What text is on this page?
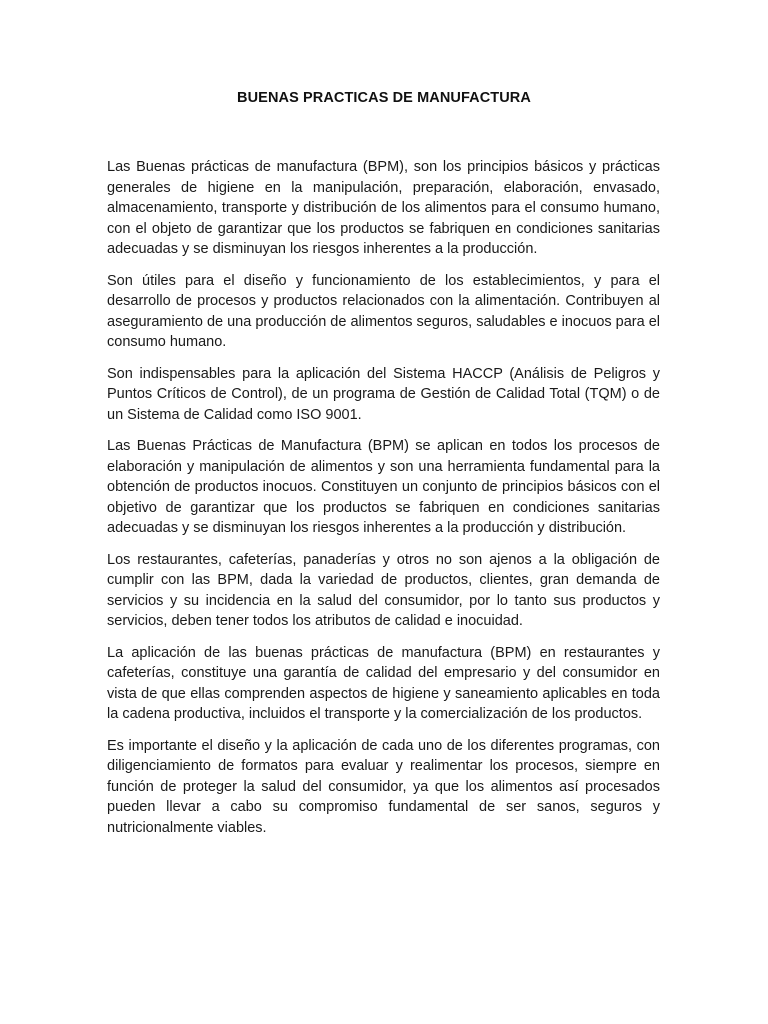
BUENAS PRACTICAS DE MANUFACTURA

Las Buenas prácticas de manufactura (BPM), son los principios básicos y prácticas generales de higiene en la manipulación, preparación, elaboración, envasado, almacenamiento, transporte y distribución de los alimentos para el consumo humano, con el objeto de garantizar que los productos se fabriquen en condiciones sanitarias adecuadas y se disminuyan los riesgos inherentes a la producción.

Son útiles para el diseño y funcionamiento de los establecimientos, y para el desarrollo de procesos y productos relacionados con la alimentación. Contribuyen al aseguramiento de una producción de alimentos seguros, saludables e inocuos para el consumo humano.

Son indispensables para la aplicación del Sistema HACCP (Análisis de Peligros y Puntos Críticos de Control), de un programa de Gestión de Calidad Total (TQM) o de un Sistema de Calidad como ISO 9001.

Las Buenas Prácticas de Manufactura (BPM) se aplican en todos los procesos de elaboración y manipulación de alimentos y son una herramienta fundamental para la obtención de productos inocuos. Constituyen un conjunto de principios básicos con el objetivo de garantizar que los productos se fabriquen en condiciones sanitarias adecuadas y se disminuyan los riesgos inherentes a la producción y distribución.

Los restaurantes, cafeterías, panaderías y otros no son ajenos a la obligación de cumplir con las BPM, dada la variedad de productos, clientes, gran demanda de servicios y su incidencia en la salud del consumidor, por lo tanto sus productos y servicios, deben tener todos los atributos de calidad e inocuidad.

La aplicación de las buenas prácticas de manufactura (BPM) en restaurantes y cafeterías, constituye una garantía de calidad del empresario y del consumidor en vista de que ellas comprenden aspectos de higiene y saneamiento aplicables en toda la cadena productiva, incluidos el transporte y la comercialización de los productos.

Es importante el diseño y la aplicación de cada uno de los diferentes programas, con diligenciamiento de formatos para evaluar y realimentar los procesos, siempre en función de proteger la salud del consumidor, ya que los alimentos así procesados pueden llevar a cabo su compromiso fundamental de ser sanos, seguros y nutricionalmente viables.
